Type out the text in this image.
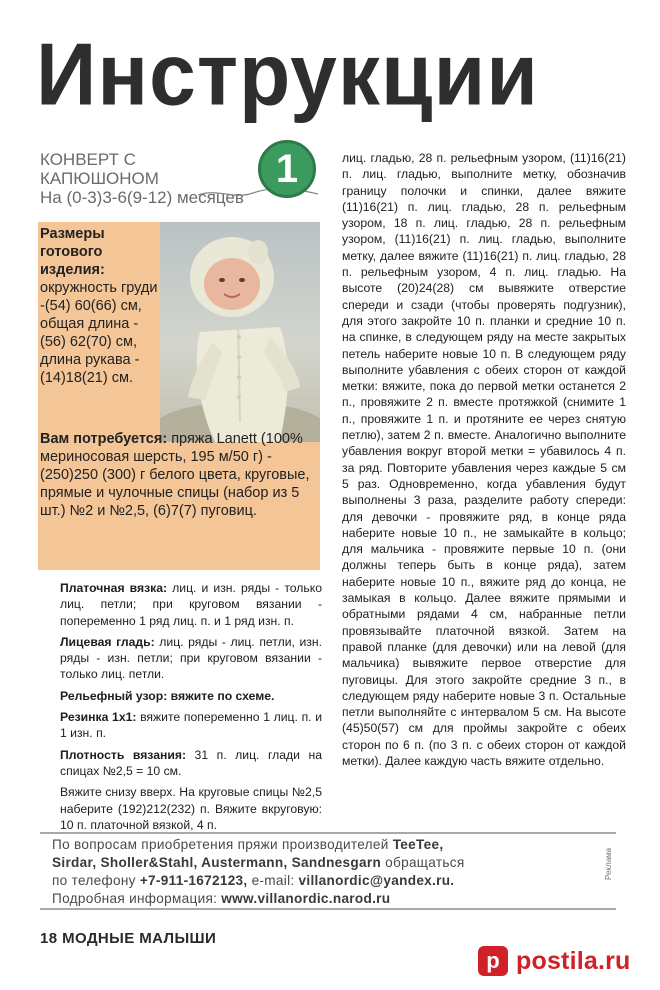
Инструкции
КОНВЕРТ С
КАПЮШОНОМ
На (0-3)3-6(9-12) месяцев
1
Размеры готового изделия: окружность груди -(54) 60(66) см, общая длина - (56) 62(70) см, длина рукава - (14)18(21) см.
Вам потребуется: пряжа Lanett (100% мериносовая шерсть, 195 м/50 г) - (250)250 (300) г белого цвета, круговые, прямые и чулочные спицы (набор из 5 шт.) №2 и №2,5, (6)7(7) пуговиц.

Платочная вязка: лиц. и изн. ряды - только лиц. петли; при круговом вязании - попеременно 1 ряд лиц. п. и 1 ряд изн. п.

Лицевая гладь: лиц. ряды - лиц. петли, изн. ряды - изн. петли; при круговом вязании - только лиц. петли.

Рельефный узор: вяжите по схеме.

Резинка 1x1: вяжите попеременно 1 лиц. п. и 1 изн. п.

Плотность вязания: 31 п. лиц. глади на спицах №2,5 = 10 см.

Вяжите снизу вверх. На круговые спицы №2,5 наберите (192)212(232) п. Вяжите вкруговую: 10 п. платочной вязкой, 4 п.

лиц. гладью, 28 п. рельефным узором, (11)16(21) п. лиц. гладью, выполните метку, обозначив границу полочки и спинки, далее вяжите (11)16(21) п. лиц. гладью, 28 п. рельефным узором, 18 п. лиц. гладью, 28 п. рельефным узором, (11)16(21) п. лиц. гладью, выполните метку, далее вяжите (11)16(21) п. лиц. гладью, 28 п. рельефным узором, 4 п. лиц. гладью. На высоте (20)24(28) см вывяжите отверстие спереди и сзади (чтобы проверять подгузник), для этого закройте 10 п. планки и средние 10 п. на спинке, в следующем ряду на месте закрытых петель наберите новые 10 п. В следующем ряду выполните убавления с обеих сторон от каждой метки: вяжите, пока до первой метки останется 2 п., провяжите 2 п. вместе протяжкой (снимите 1 п., провяжите 1 п. и протяните ее через снятую петлю), затем 2 п. вместе. Аналогично выполните убавления вокруг второй метки = убавилось 4 п. за ряд. Повторите убавления через каждые 5 см 5 раз. Одновременно, когда убавления будут выполнены 3 раза, разделите работу спереди: для девочки - провяжите ряд, в конце ряда наберите новые 10 п., не замыкайте в кольцо; для мальчика - провяжите первые 10 п. (они должны теперь быть в конце ряда), затем наберите новые 10 п., вяжите ряд до конца, не замыкая в кольцо. Далее вяжите прямыми и обратными рядами 4 см, набранные петли провязывайте платочной вязкой. Затем на правой планке (для девочки) или на левой (для мальчика) вывяжите первое отверстие для пуговицы. Для этого закройте средние 3 п., в следующем ряду наберите новые 3 п. Остальные петли выполняйте с интервалом 5 см. На высоте (45)50(57) см для проймы закройте с обеих сторон по 6 п. (по 3 п. с обеих сторон от каждой метки). Далее каждую часть вяжите отдельно.
По вопросам приобретения пряжи производителей TeeTee,
Sirdar, Sholler&Stahl, Austermann, Sandnesgarn обращаться
по телефону +7-911-1672123, e-mail: villanordic@yandex.ru.
Подробная информация: www.villanordic.narod.ru
Реклама
18 МОДНЫЕ МАЛЫШИ
p postila.ru
